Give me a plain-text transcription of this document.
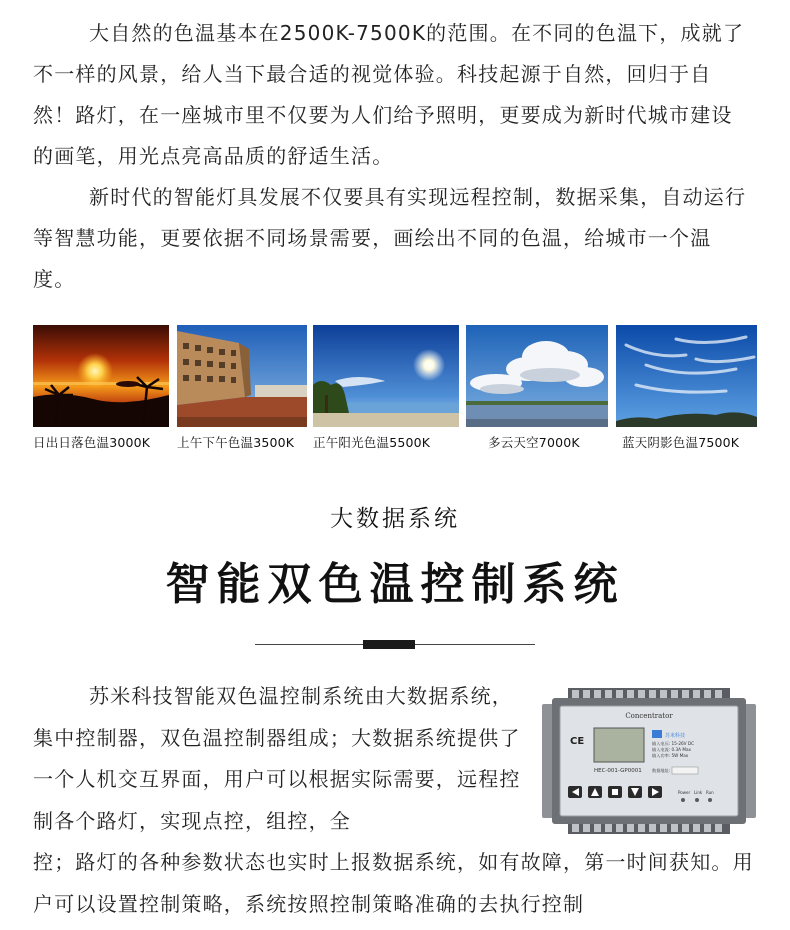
大自然的色温基本在2500K-7500K的范围。在不同的色温下，成就了不一样的风景，给人当下最合适的视觉体验。科技起源于自然，回归于自然！路灯，在一座城市里不仅要为人们给予照明，更要成为新时代城市建设的画笔，用光点亮高品质的舒适生活。

新时代的智能灯具发展不仅要具有实现远程控制，数据采集，自动运行等智慧功能，更要依据不同场景需要，画绘出不同的色温，给城市一个温度。

日出日落色温3000K	上午下午色温3500K	正午阳光色温5500K	多云天空7000K	蓝天阴影色温7500K
大数据系统
智能双色温控制系统

苏米科技智能双色温控制系统由大数据系统，集中控制器，双色温控制器组成；大数据系统提供了一个人机交互界面，用户可以根据实际需要，远程控制各个路灯，实现点控，组控，全

Concentrator
CE	苏米科技
输入电压: 15-26V DC
输入电流: 0.3A Max
输入功率: 5W Max
HEC-001-GP0001 数据地址:
Power Link Run

控；路灯的各种参数状态也实时上报数据系统，如有故障，第一时间获知。用户可以设置控制策略，系统按照控制策略准确的去执行控制
